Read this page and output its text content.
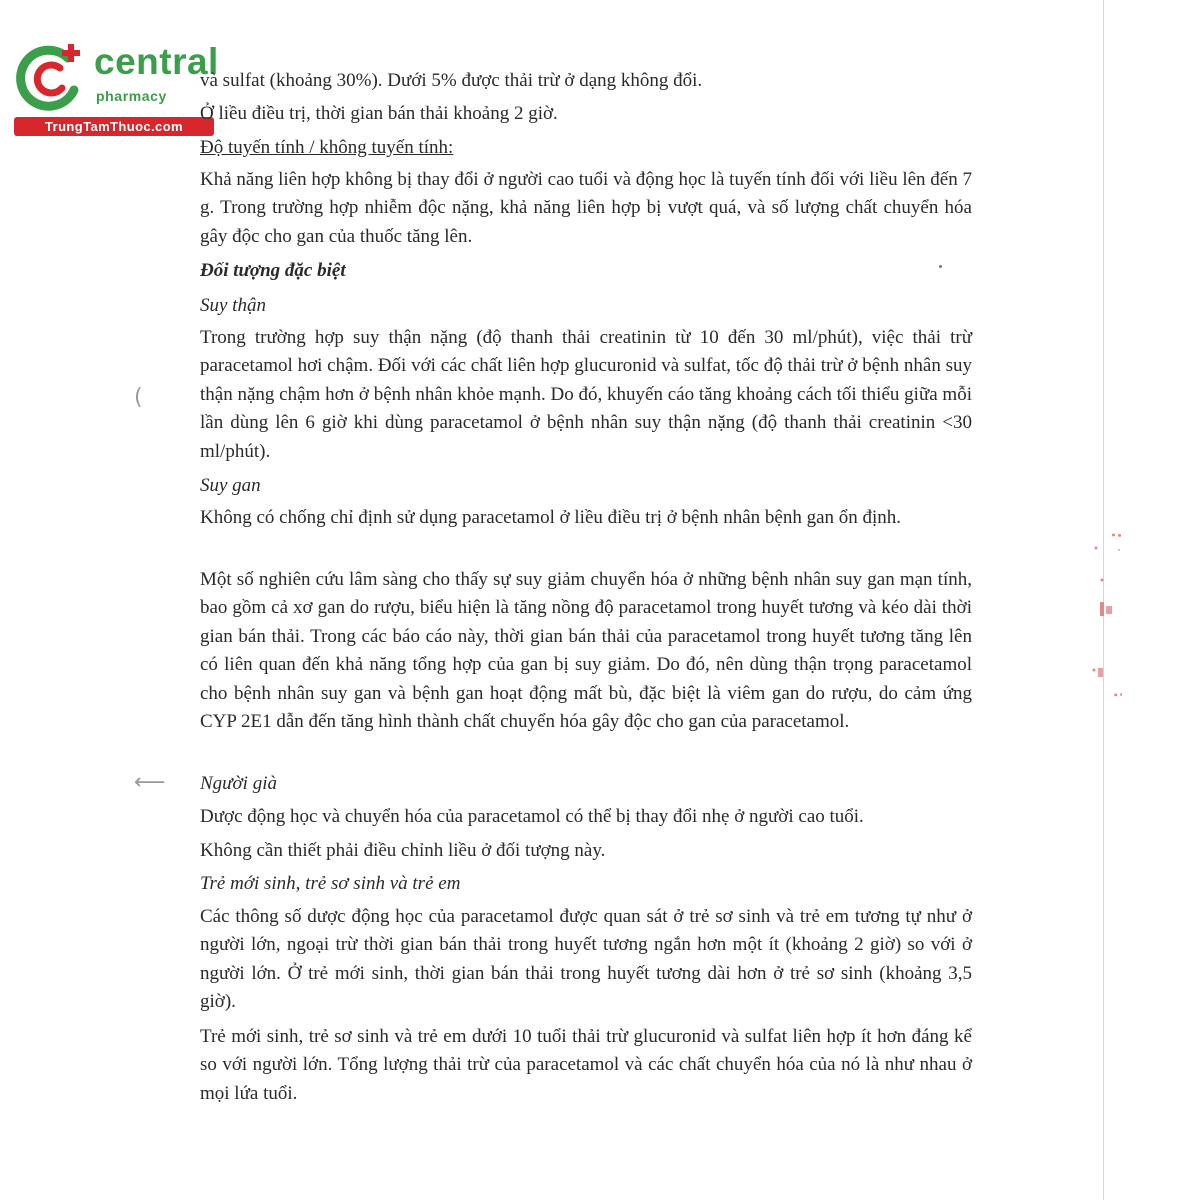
central
pharmacy
TrungTamThuoc.com

và sulfat (khoảng 30%). Dưới 5% được thải trừ ở dạng không đổi.

Ở liều điều trị, thời gian bán thải khoảng 2 giờ.

Độ tuyến tính / không tuyến tính:

Khả năng liên hợp không bị thay đổi ở người cao tuổi và động học là tuyến tính đối với liều lên đến 7 g. Trong trường hợp nhiễm độc nặng, khả năng liên hợp bị vượt quá, và số lượng chất chuyển hóa gây độc cho gan của thuốc tăng lên.

Đối tượng đặc biệt

Suy thận

Trong trường hợp suy thận nặng (độ thanh thải creatinin từ 10 đến 30 ml/phút), việc thải trừ paracetamol hơi chậm. Đối với các chất liên hợp glucuronid và sulfat, tốc độ thải trừ ở bệnh nhân suy thận nặng chậm hơn ở bệnh nhân khỏe mạnh. Do đó, khuyến cáo tăng khoảng cách tối thiểu giữa mỗi lần dùng lên 6 giờ khi dùng paracetamol ở bệnh nhân suy thận nặng (độ thanh thải creatinin <30 ml/phút).

Suy gan

Không có chống chỉ định sử dụng paracetamol ở liều điều trị ở bệnh nhân bệnh gan ổn định.

Một số nghiên cứu lâm sàng cho thấy sự suy giảm chuyển hóa ở những bệnh nhân suy gan mạn tính, bao gồm cả xơ gan do rượu, biểu hiện là tăng nồng độ paracetamol trong huyết tương và kéo dài thời gian bán thải. Trong các báo cáo này, thời gian bán thải của paracetamol trong huyết tương tăng lên có liên quan đến khả năng tổng hợp của gan bị suy giảm. Do đó, nên dùng thận trọng paracetamol cho bệnh nhân suy gan và bệnh gan hoạt động mất bù, đặc biệt là viêm gan do rượu, do cảm ứng CYP 2E1 dẫn đến tăng hình thành chất chuyển hóa gây độc cho gan của paracetamol.

Người già

Dược động học và chuyển hóa của paracetamol có thể bị thay đổi nhẹ ở người cao tuổi.

Không cần thiết phải điều chỉnh liều ở đối tượng này.

Trẻ mới sinh, trẻ sơ sinh và trẻ em

Các thông số dược động học của paracetamol được quan sát ở trẻ sơ sinh và trẻ em tương tự như ở người lớn, ngoại trừ thời gian bán thải trong huyết tương ngắn hơn một ít (khoảng 2 giờ) so với ở người lớn. Ở trẻ mới sinh, thời gian bán thải trong huyết tương dài hơn ở trẻ sơ sinh (khoảng 3,5 giờ).

Trẻ mới sinh, trẻ sơ sinh và trẻ em dưới 10 tuổi thải trừ glucuronid và sulfat liên hợp ít hơn đáng kể so với người lớn. Tổng lượng thải trừ của paracetamol và các chất chuyển hóa của nó là như nhau ở mọi lứa tuổi.

(
⟵
